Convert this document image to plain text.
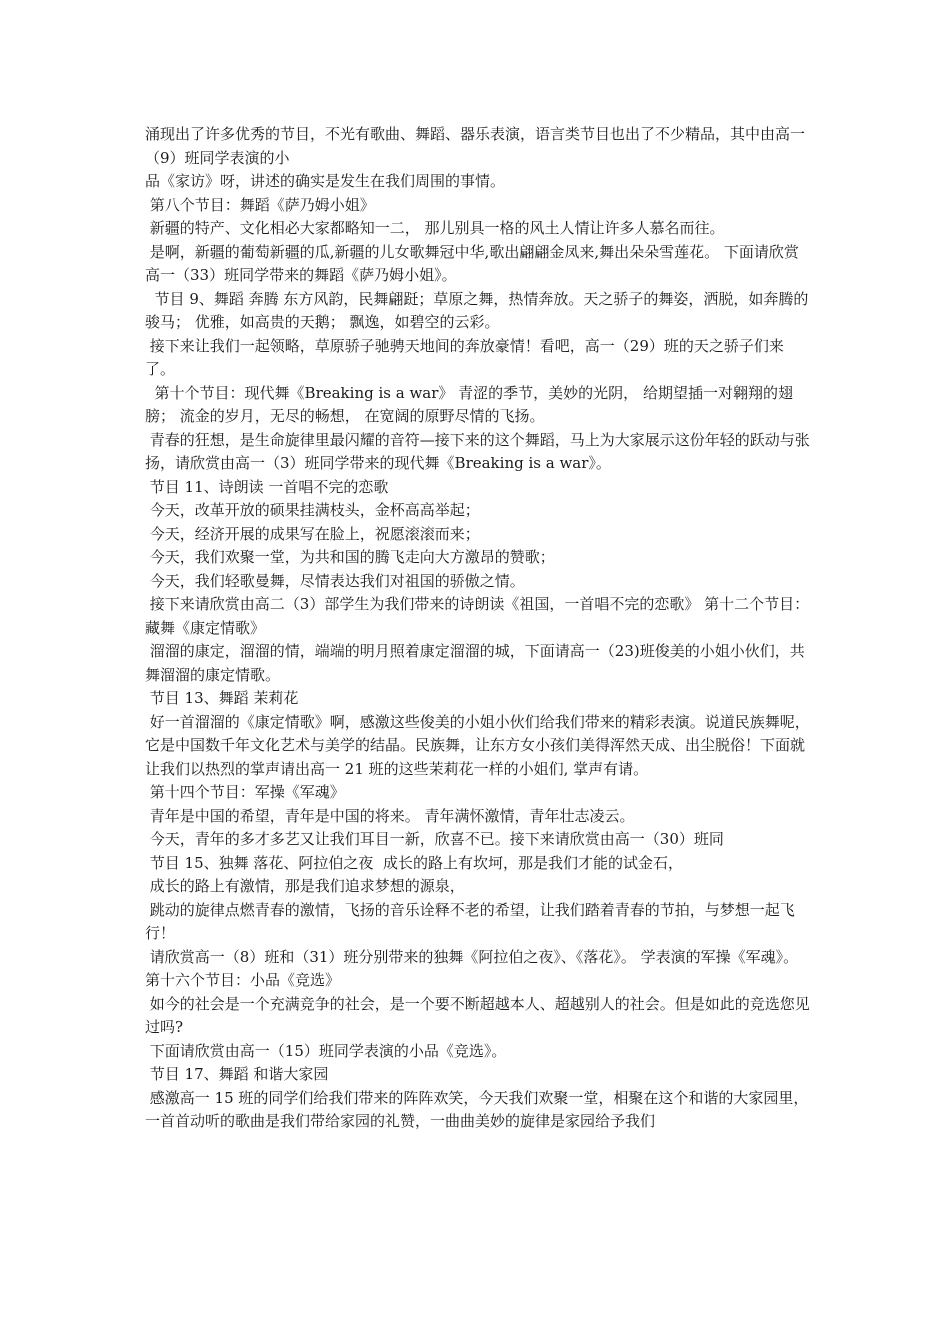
涌现出了许多优秀的节目，不光有歌曲、舞蹈、器乐表演，语言类节目也出了不少精品，其中由高一（9）班同学表演的小

品《家访》呀，讲述的确实是发生在我们周围的事情。

第八个节目：舞蹈《萨乃姆小姐》

新疆的特产、文化相必大家都略知一二， 那儿别具一格的风土人情让许多人慕名而往。

是啊，新疆的葡萄新疆的瓜,新疆的儿女歌舞冠中华,歌出翩翩金凤来,舞出朵朵雪莲花。 下面请欣赏高一（33）班同学带来的舞蹈《萨乃姆小姐》。

节目 9、舞蹈 奔腾 东方风韵，民舞翩跹；草原之舞，热情奔放。天之骄子的舞姿，洒脱，如奔腾的骏马； 优雅，如高贵的天鹅； 飘逸，如碧空的云彩。

接下来让我们一起领略，草原骄子驰骋天地间的奔放豪情！看吧，高一（29）班的天之骄子们来了。

第十个节目：现代舞《Breaking is a war》 青涩的季节，美妙的光阴， 给期望插一对翱翔的翅膀； 流金的岁月，无尽的畅想， 在宽阔的原野尽情的飞扬。

青春的狂想，是生命旋律里最闪耀的音符—接下来的这个舞蹈，马上为大家展示这份年轻的跃动与张扬，请欣赏由高一（3）班同学带来的现代舞《Breaking is a war》。

节目 11、诗朗读 一首唱不完的恋歌

今天，改革开放的硕果挂满枝头，金杯高高举起；

今天，经济开展的成果写在脸上，祝愿滚滚而来；

今天，我们欢聚一堂，为共和国的腾飞走向大方激昂的赞歌；

今天，我们轻歌曼舞，尽情表达我们对祖国的骄傲之情。

接下来请欣赏由高二（3）部学生为我们带来的诗朗读《祖国，一首唱不完的恋歌》 第十二个节目：藏舞《康定情歌》

溜溜的康定，溜溜的情，端端的明月照着康定溜溜的城，下面请高一（23)班俊美的小姐小伙们，共舞溜溜的康定情歌。

节目 13、舞蹈 茉莉花

好一首溜溜的《康定情歌》啊，感激这些俊美的小姐小伙们给我们带来的精彩表演。说道民族舞呢，它是中国数千年文化艺术与美学的结晶。民族舞，让东方女小孩们美得浑然天成、出尘脱俗！下面就让我们以热烈的掌声请出高一 21 班的这些茉莉花一样的小姐们, 掌声有请。

第十四个节目：军操《军魂》

青年是中国的希望，青年是中国的将来。 青年满怀激情，青年壮志凌云。

今天，青年的多才多艺又让我们耳目一新，欣喜不已。接下来请欣赏由高一（30）班同

节目 15、独舞 落花、阿拉伯之夜  成长的路上有坎坷，那是我们才能的试金石，

成长的路上有激情，那是我们追求梦想的源泉，

跳动的旋律点燃青春的激情，飞扬的音乐诠释不老的希望，让我们踏着青春的节拍，与梦想一起飞行！

请欣赏高一（8）班和（31）班分别带来的独舞《阿拉伯之夜》、《落花》。 学表演的军操《军魂》。 第十六个节目：小品《竞选》

如今的社会是一个充满竞争的社会，是一个要不断超越本人、超越别人的社会。但是如此的竞选您见过吗?

下面请欣赏由高一（15）班同学表演的小品《竞选》。

节目 17、舞蹈 和谐大家园

感激高一 15 班的同学们给我们带来的阵阵欢笑，今天我们欢聚一堂，相聚在这个和谐的大家园里，一首首动听的歌曲是我们带给家园的礼赞，一曲曲美妙的旋律是家园给予我们
